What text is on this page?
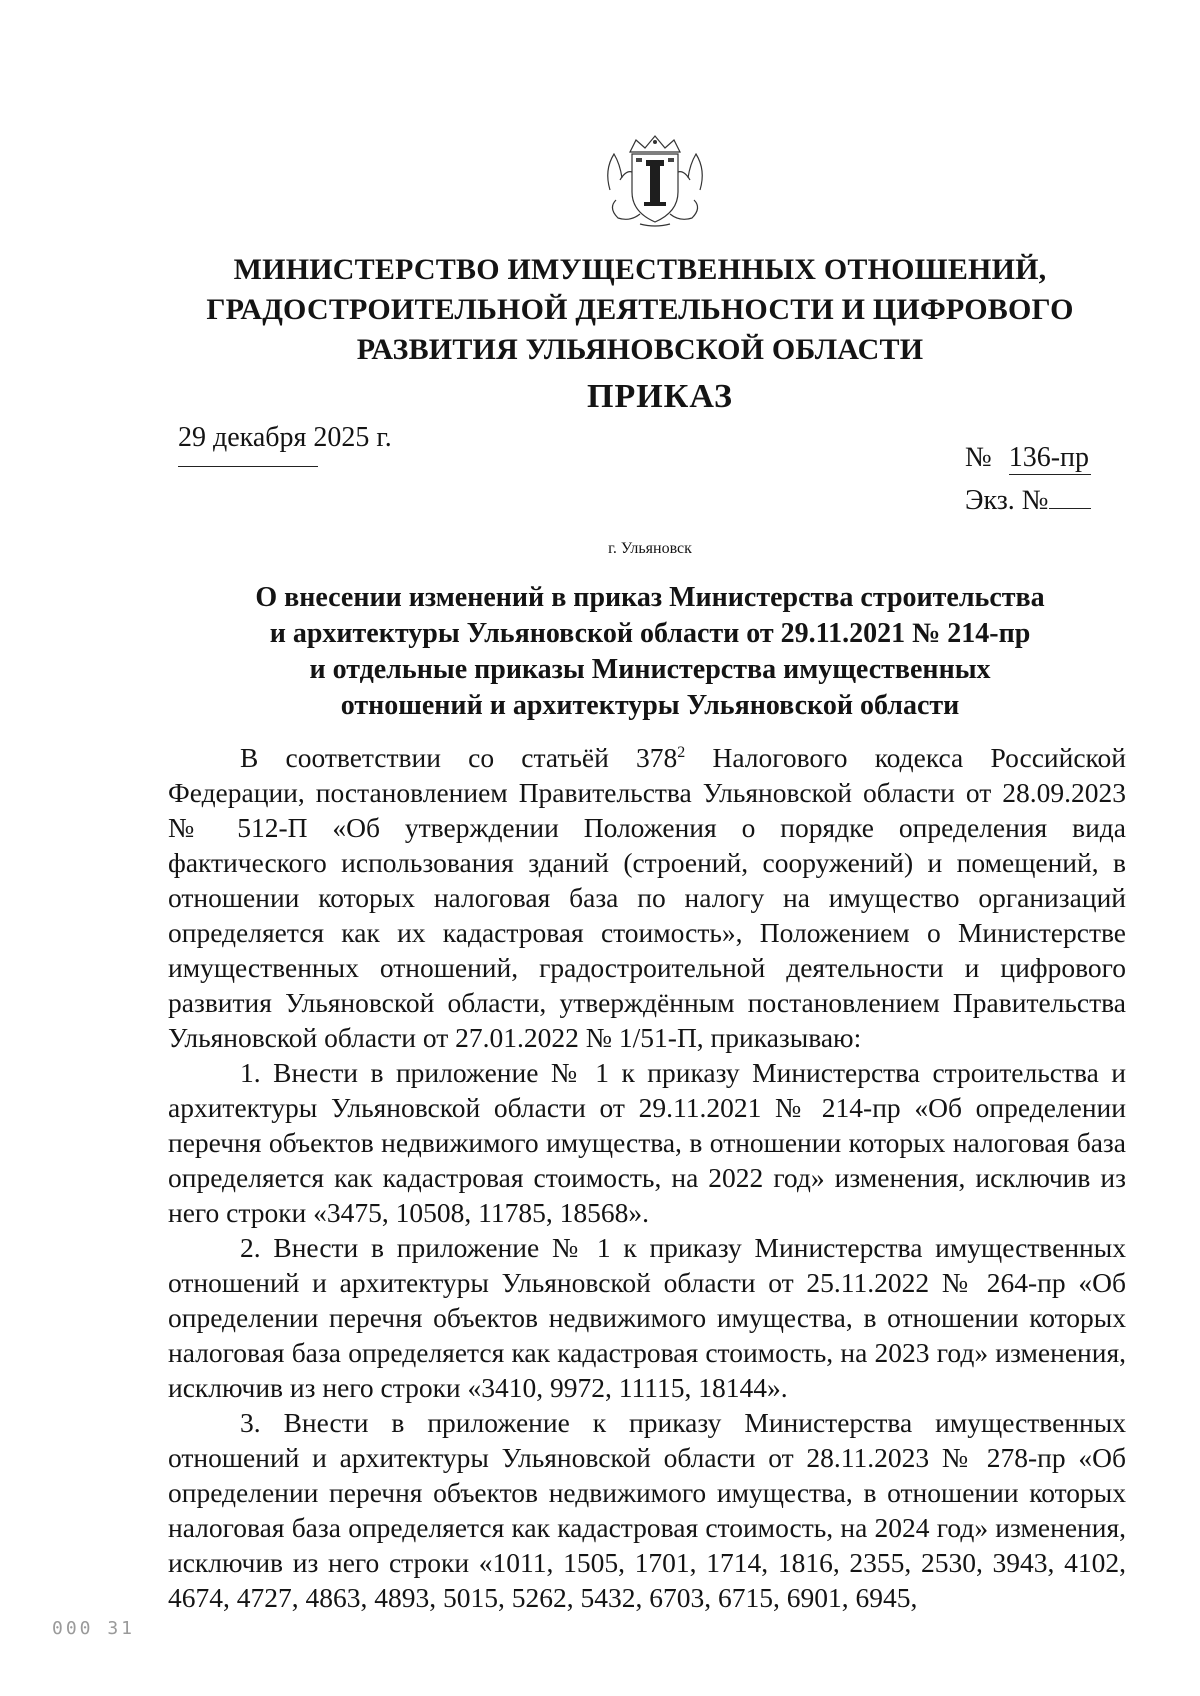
МИНИСТЕРСТВО ИМУЩЕСТВЕННЫХ ОТНОШЕНИЙ,
ГРАДОСТРОИТЕЛЬНОЙ ДЕЯТЕЛЬНОСТИ И ЦИФРОВОГО
РАЗВИТИЯ УЛЬЯНОВСКОЙ ОБЛАСТИ
ПРИКАЗ
29 декабря 2025 г.
№ 136-пр
Экз. №
г. Ульяновск
О внесении изменений в приказ Министерства строительства
и архитектуры Ульяновской области от 29.11.2021 № 214-пр
и отдельные приказы Министерства имущественных
отношений и архитектуры Ульяновской области

В соответствии со статьёй $378^2$ Налогового кодекса Российской Федерации, постановлением Правительства Ульяновской области от 28.09.2023 № 512-П «Об утверждении Положения о порядке определения вида фактического использования зданий (строений, сооружений) и помещений, в отношении которых налоговая база по налогу на имущество организаций определяется как их кадастровая стоимость», Положением о Министерстве имущественных отношений, градостроительной деятельности и цифрового развития Ульяновской области, утверждённым постановлением Правительства Ульяновской области от 27.01.2022 № 1/51-П, приказываю:

1. Внести в приложение № 1 к приказу Министерства строительства и архитектуры Ульяновской области от 29.11.2021 № 214-пр «Об определении перечня объектов недвижимого имущества, в отношении которых налоговая база определяется как кадастровая стоимость, на 2022 год» изменения, исключив из него строки «3475, 10508, 11785, 18568».

2. Внести в приложение № 1 к приказу Министерства имущественных отношений и архитектуры Ульяновской области от 25.11.2022 № 264-пр «Об определении перечня объектов недвижимого имущества, в отношении которых налоговая база определяется как кадастровая стоимость, на 2023 год» изменения, исключив из него строки «3410, 9972, 11115, 18144».

3. Внести в приложение к приказу Министерства имущественных отношений и архитектуры Ульяновской области от 28.11.2023 № 278-пр «Об определении перечня объектов недвижимого имущества, в отношении которых налоговая база определяется как кадастровая стоимость, на 2024 год» изменения, исключив из него строки «1011, 1505, 1701, 1714, 1816, 2355, 2530, 3943, 4102, 4674, 4727, 4863, 4893, 5015, 5262, 5432, 6703, 6715, 6901, 6945,

000 31
